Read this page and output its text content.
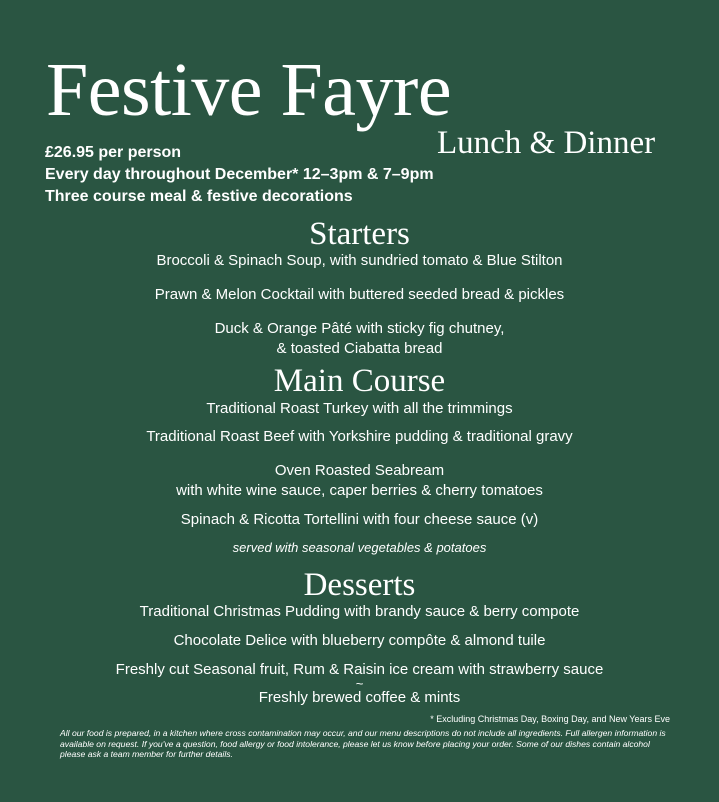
Festive Fayre
Lunch & Dinner
£26.95 per person
Every day throughout December* 12–3pm & 7–9pm
Three course meal & festive decorations
Starters
Broccoli & Spinach Soup, with sundried tomato & Blue Stilton
Prawn & Melon Cocktail with buttered seeded bread & pickles
Duck & Orange Pâté with sticky fig chutney,
& toasted Ciabatta bread
Main Course
Traditional Roast Turkey with all the trimmings
Traditional Roast Beef with Yorkshire pudding & traditional gravy
Oven Roasted Seabream
with white wine sauce, caper berries & cherry tomatoes
Spinach & Ricotta Tortellini with four cheese sauce (v)
served with seasonal vegetables & potatoes
Desserts
Traditional Christmas Pudding with brandy sauce & berry compote
Chocolate Delice with blueberry compôte & almond tuile
Freshly cut Seasonal fruit, Rum & Raisin ice cream with strawberry sauce
~
Freshly brewed coffee & mints
* Excluding Christmas Day, Boxing Day, and New Years Eve
All our food is prepared, in a kitchen where cross contamination may occur, and our menu descriptions do not include all ingredients. Full allergen information is available on request. If you've a question, food allergy or food intolerance, please let us know before placing your order. Some of our dishes contain alcohol please ask a team member for further details.
